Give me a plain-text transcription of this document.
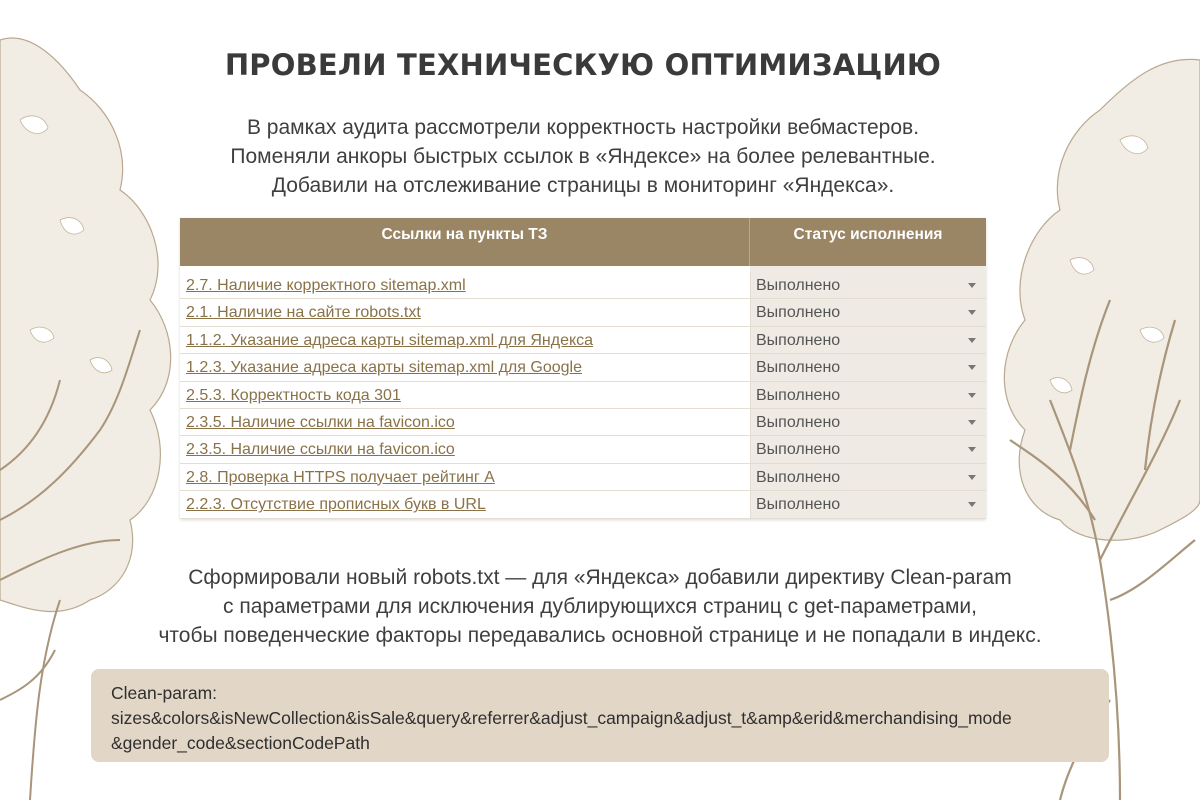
ПРОВЕЛИ ТЕХНИЧЕСКУЮ ОПТИМИЗАЦИЮ
В рамках аудита рассмотрели корректность настройки вебмастеров.
Поменяли анкоры быстрых ссылок в «Яндексе» на более релевантные.
Добавили на отслеживание страницы в мониторинг «Яндекса».
Ссылки на пункты ТЗ	Статус исполнения
2.7. Наличие корректного sitemap.xml	Выполнено
2.1. Наличие на сайте robots.txt	Выполнено
1.1.2. Указание адреса карты sitemap.xml для Яндекса	Выполнено
1.2.3. Указание адреса карты sitemap.xml для Google	Выполнено
2.5.3. Корректность кода 301	Выполнено
2.3.5. Наличие ссылки на favicon.ico	Выполнено
2.3.5. Наличие ссылки на favicon.ico	Выполнено
2.8. Проверка HTTPS получает рейтинг A	Выполнено
2.2.3. Отсутствие прописных букв в URL	Выполнено
Сформировали новый robots.txt — для «Яндекса» добавили директиву Clean-param
с параметрами для исключения дублирующихся страниц с get-параметрами,
чтобы поведенческие факторы передавались основной странице и не попадали в индекс.
Clean-param:
sizes&colors&isNewCollection&isSale&query&referrer&adjust_campaign&adjust_t&amp&erid&merchandising_mode
&gender_code&sectionCodePath
